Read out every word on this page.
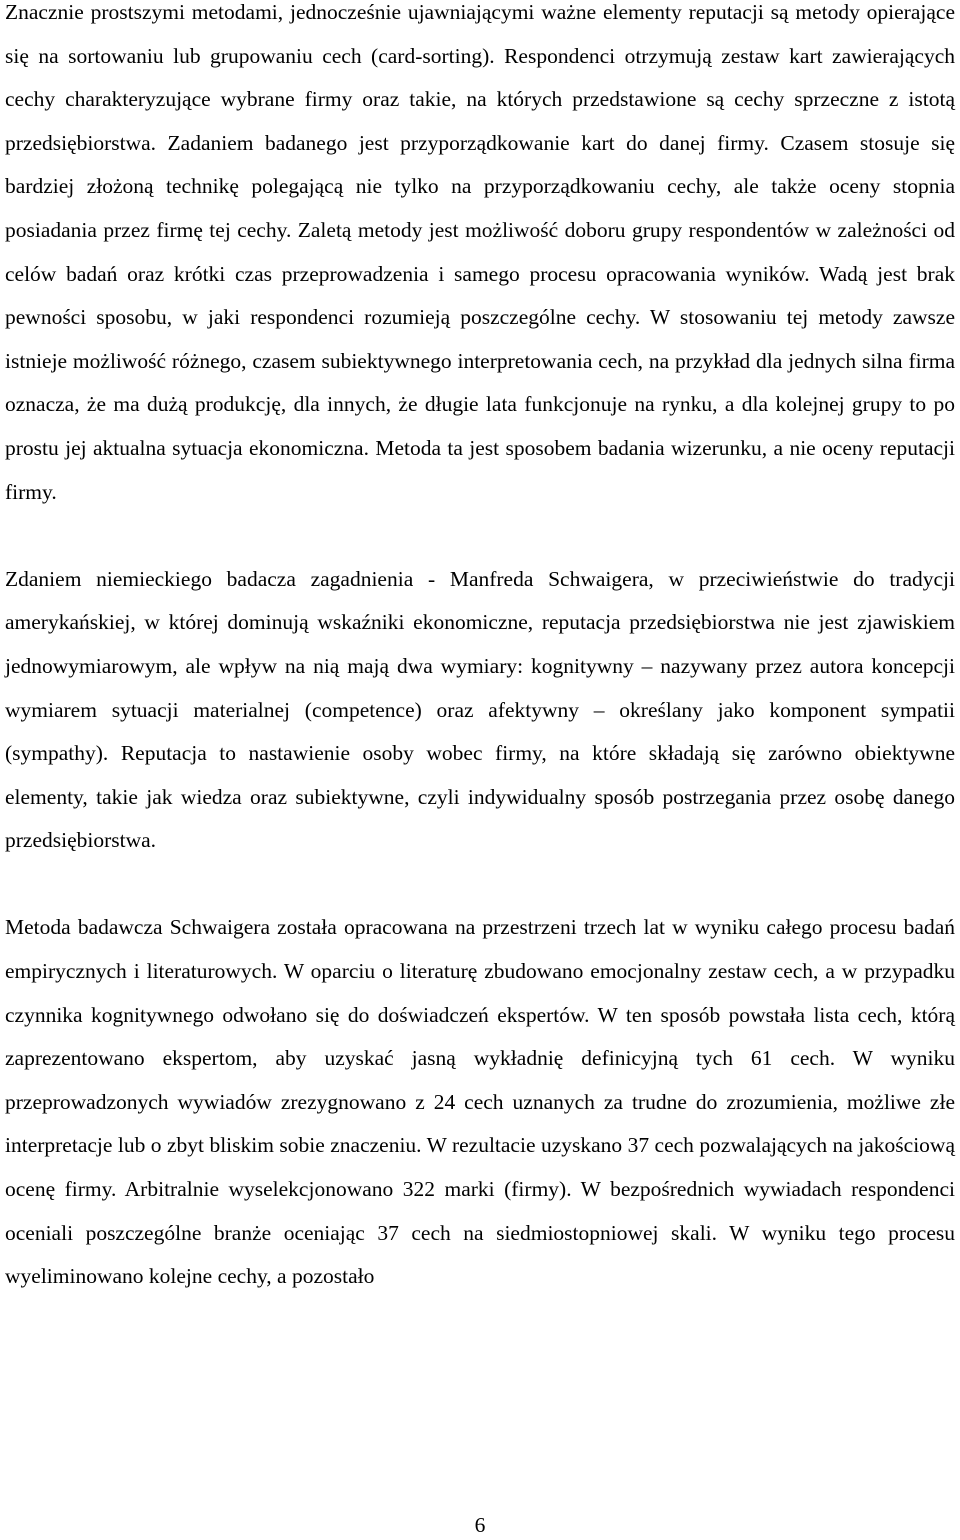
Znacznie prostszymi metodami, jednocześnie ujawniającymi ważne elementy reputacji są metody opierające się na sortowaniu lub grupowaniu cech (card-sorting). Respondenci otrzymują zestaw kart zawierających cechy charakteryzujące wybrane firmy oraz takie, na których przedstawione są cechy sprzeczne z istotą przedsiębiorstwa. Zadaniem badanego jest przyporządkowanie kart do danej firmy. Czasem stosuje się bardziej złożoną technikę polegającą nie tylko na przyporządkowaniu cechy, ale także oceny stopnia posiadania przez firmę tej cechy. Zaletą metody jest możliwość doboru grupy respondentów w zależności od celów badań oraz krótki czas przeprowadzenia i samego procesu opracowania wyników. Wadą jest brak pewności sposobu, w jaki respondenci rozumieją poszczególne cechy. W stosowaniu tej metody zawsze istnieje możliwość różnego, czasem subiektywnego interpretowania cech, na przykład dla jednych silna firma oznacza, że ma dużą produkcję, dla innych, że długie lata funkcjonuje na rynku, a dla kolejnej grupy to po prostu jej aktualna sytuacja ekonomiczna. Metoda ta jest sposobem badania wizerunku, a nie oceny reputacji firmy.

Zdaniem niemieckiego badacza zagadnienia - Manfreda Schwaigera, w przeciwieństwie do tradycji amerykańskiej, w której dominują wskaźniki ekonomiczne, reputacja przedsiębiorstwa nie jest zjawiskiem jednowymiarowym, ale wpływ na nią mają dwa wymiary: kognitywny – nazywany przez autora koncepcji wymiarem sytuacji materialnej (competence) oraz afektywny – określany jako komponent sympatii (sympathy). Reputacja to nastawienie osoby wobec firmy, na które składają się zarówno obiektywne elementy, takie jak wiedza oraz subiektywne, czyli indywidualny sposób postrzegania przez osobę danego przedsiębiorstwa.

Metoda badawcza Schwaigera została opracowana na przestrzeni trzech lat w wyniku całego procesu badań empirycznych i literaturowych. W oparciu o literaturę zbudowano emocjonalny zestaw cech, a w przypadku czynnika kognitywnego odwołano się do doświadczeń ekspertów. W ten sposób powstała lista cech, którą zaprezentowano ekspertom, aby uzyskać jasną wykładnię definicyjną tych 61 cech. W wyniku przeprowadzonych wywiadów zrezygnowano z 24 cech uznanych za trudne do zrozumienia, możliwe złe interpretacje lub o zbyt bliskim sobie znaczeniu. W rezultacie uzyskano 37 cech pozwalających na jakościową ocenę firmy. Arbitralnie wyselekcjonowano 322 marki (firmy). W bezpośrednich wywiadach respondenci oceniali poszczególne branże oceniając 37 cech na siedmiostopniowej skali. W wyniku tego procesu wyeliminowano kolejne cechy, a pozostało

6
